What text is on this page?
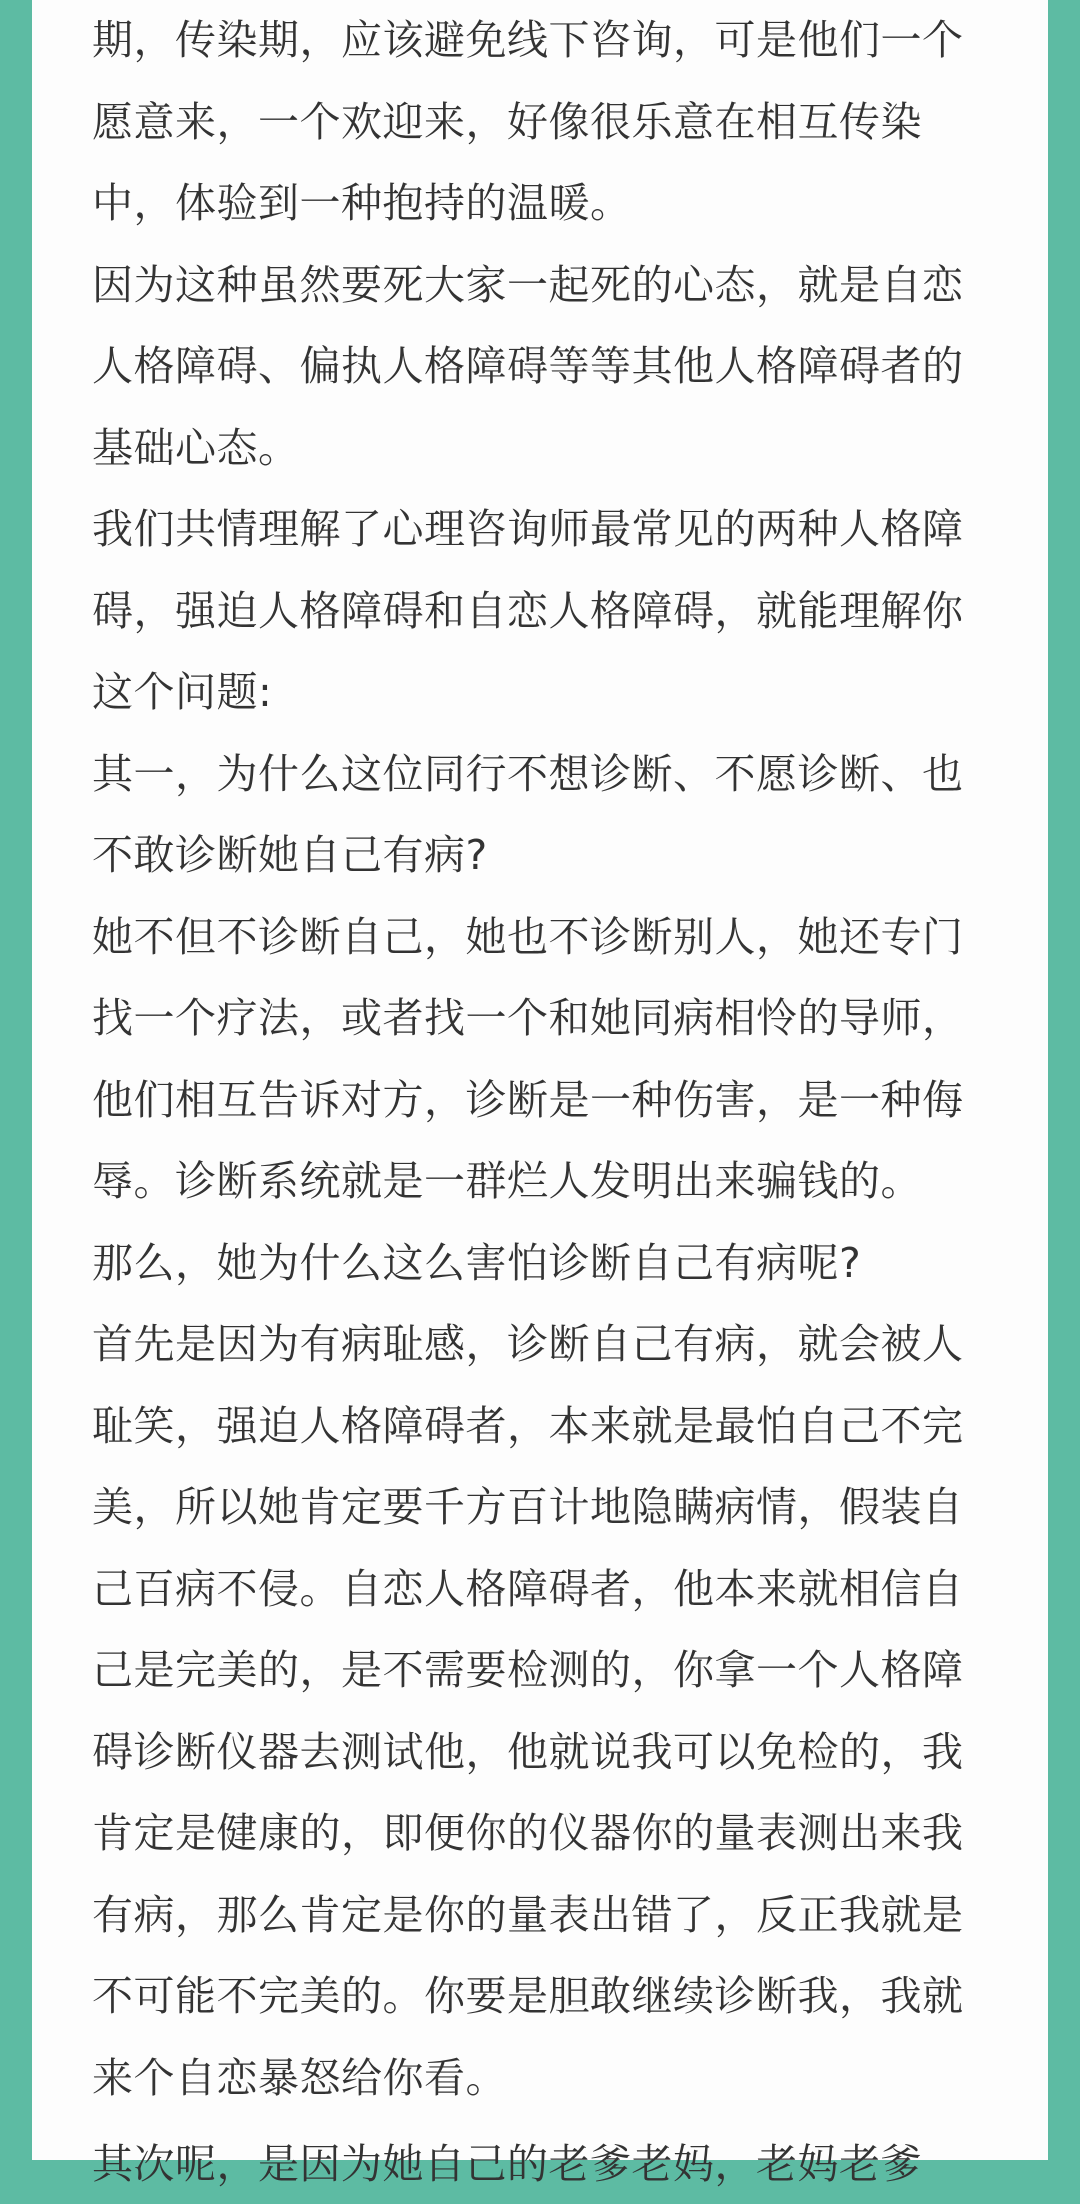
期，传染期，应该避免线下咨询，可是他们一个
愿意来，一个欢迎来，好像很乐意在相互传染
中，体验到一种抱持的温暖。
因为这种虽然要死大家一起死的心态，就是自恋
人格障碍、偏执人格障碍等等其他人格障碍者的
基础心态。
我们共情理解了心理咨询师最常见的两种人格障
碍，强迫人格障碍和自恋人格障碍，就能理解你
这个问题:
其一，为什么这位同行不想诊断、不愿诊断、也
不敢诊断她自己有病?
她不但不诊断自己，她也不诊断别人，她还专门
找一个疗法，或者找一个和她同病相怜的导师，
他们相互告诉对方，诊断是一种伤害，是一种侮
辱。诊断系统就是一群烂人发明出来骗钱的。
那么，她为什么这么害怕诊断自己有病呢?
首先是因为有病耻感，诊断自己有病，就会被人
耻笑，强迫人格障碍者，本来就是最怕自己不完
美，所以她肯定要千方百计地隐瞒病情，假装自
己百病不侵。自恋人格障碍者，他本来就相信自
己是完美的，是不需要检测的，你拿一个人格障
碍诊断仪器去测试他，他就说我可以免检的，我
肯定是健康的，即便你的仪器你的量表测出来我
有病，那么肯定是你的量表出错了，反正我就是
不可能不完美的。你要是胆敢继续诊断我，我就
来个自恋暴怒给你看。
其次呢，是因为她自己的老爹老妈，老妈老爹
